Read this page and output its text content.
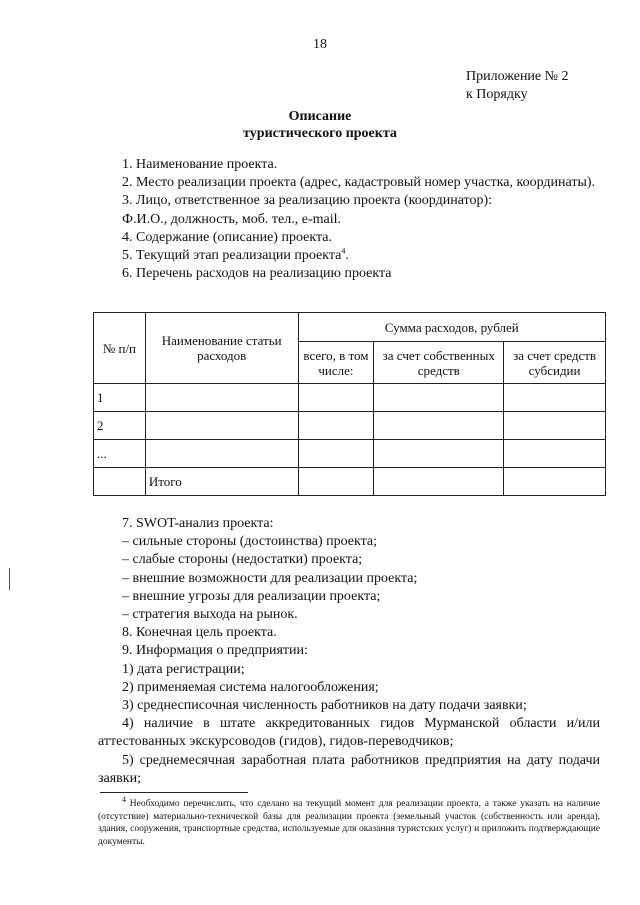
18
Приложение № 2
к Порядку
Описание
туристического проекта

1. Наименование проекта.

2. Место реализации проекта (адрес, кадастровый номер участка, координаты).

3. Лицо, ответственное за реализацию проекта (координатор):

Ф.И.О., должность, моб. тел., e-mail.

4. Содержание (описание) проекта.

5. Текущий этап реализации проекта$^4$.

6. Перечень расходов на реализацию проекта

№ п/п	Наименование статьи расходов	Сумма расходов, рублей		
		всего, в том числе:	за счет собственных средств	за счет средств субсидии
1				
2				
...				
	Итого			

7. SWOT-анализ проекта:

– сильные стороны (достоинства) проекта;

– слабые стороны (недостатки) проекта;

– внешние возможности для реализации проекта;

– внешние угрозы для реализации проекта;

– стратегия выхода на рынок.

8. Конечная цель проекта.

9. Информация о предприятии:

1) дата регистрации;

2) применяемая система налогообложения;

3) среднесписочная численность работников на дату подачи заявки;

4) наличие в штате аккредитованных гидов Мурманской области и/или аттестованных экскурсоводов (гидов), гидов-переводчиков;

5) среднемесячная заработная плата работников предприятия на дату подачи заявки;

$^4$ Необходимо перечислить, что сделано на текущий момент для реализации проекта, а также указать на наличие (отсутствие) материально-технической базы для реализации проекта (земельный участок (собственность или аренда), здания, сооружения, транспортные средства, используемые для оказания туристских услуг) и приложить подтверждающие документы.
